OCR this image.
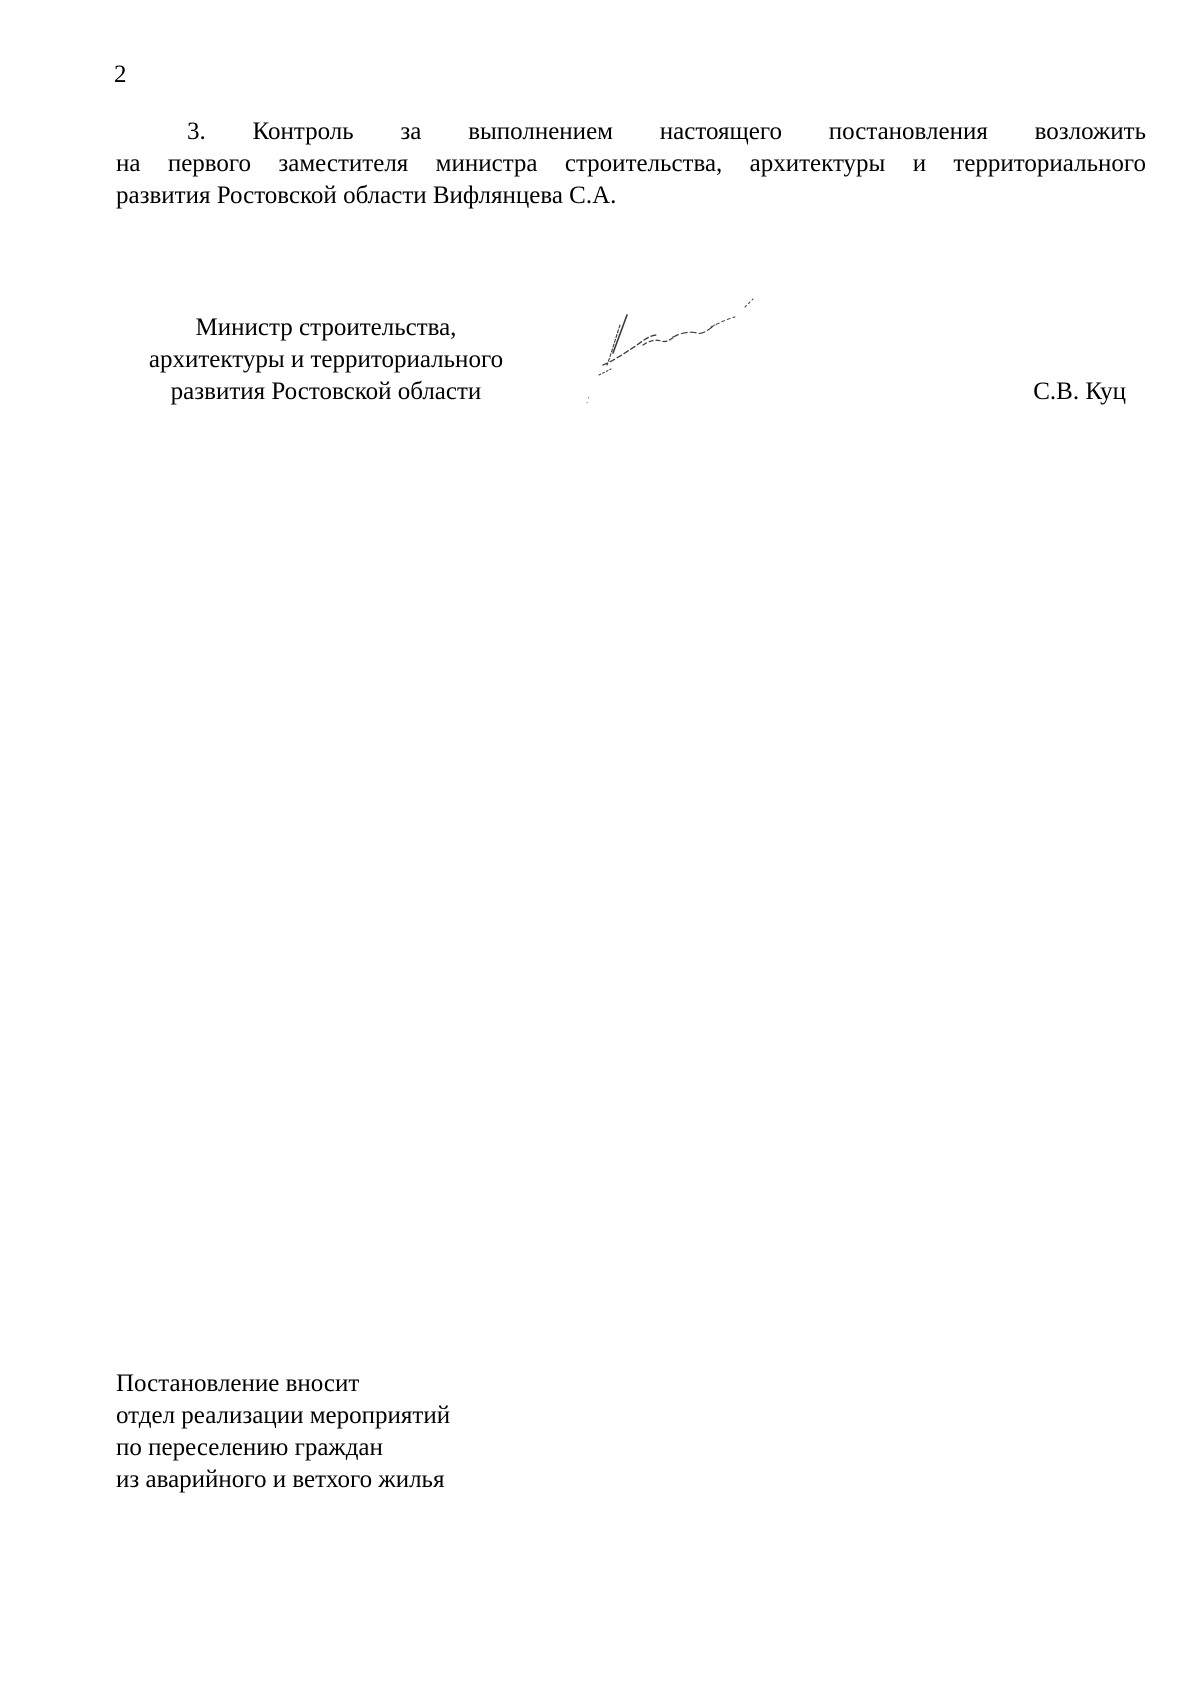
2
3. Контроль за выполнением настоящего постановления возложить
на первого заместителя министра строительства, архитектуры и территориального
развития Ростовской области Вифлянцева С.А.
Министр строительства,
архитектуры и территориального
развития Ростовской области	С.В. Куц
Постановление вносит
отдел реализации мероприятий
по переселению граждан
из аварийного и ветхого жилья
